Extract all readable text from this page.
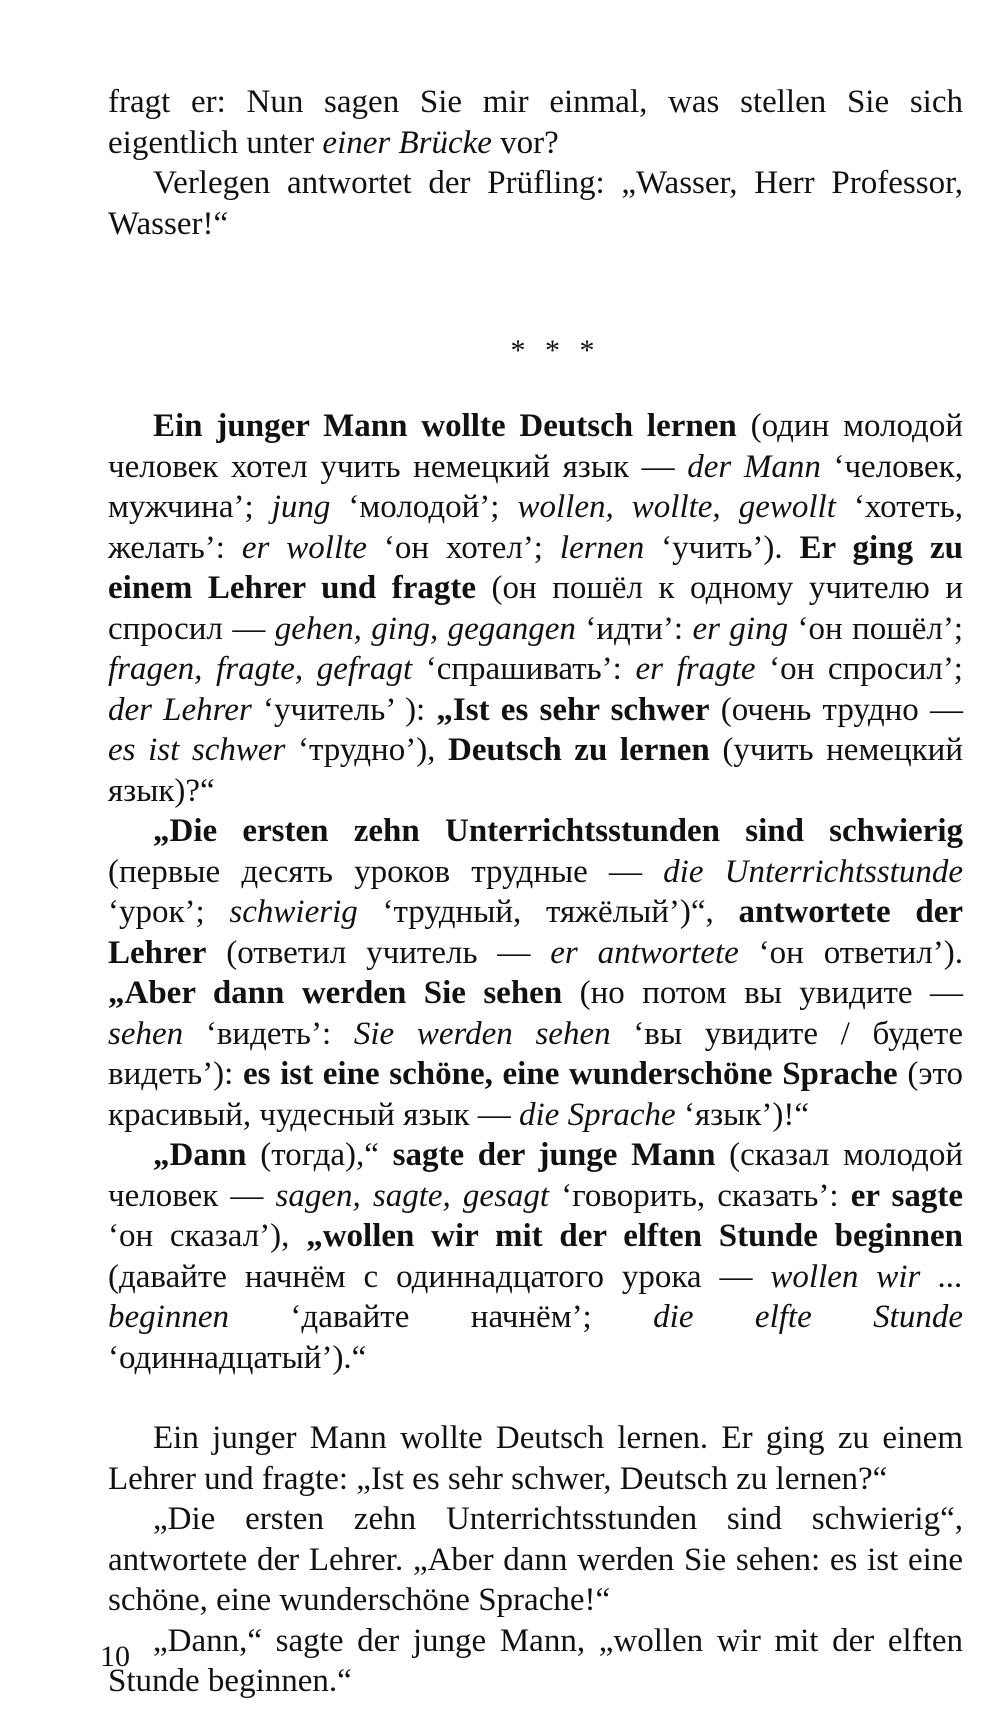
fragt er: Nun sagen Sie mir einmal, was stellen Sie sich eigentlich unter einer Brücke vor?

Verlegen antwortet der Prüfling: „Wasser, Herr Professor, Wasser!“

* * *

Ein junger Mann wollte Deutsch lernen (один молодой человек хотел учить немецкий язык — der Mann ‘человек, мужчина’; jung ‘молодой’; wollen, wollte, gewollt ‘хотеть, желать’: er wollte ‘он хотел’; lernen ‘учить’). Er ging zu einem Lehrer und fragte (он пошёл к одному учителю и спросил — gehen, ging, gegangen ‘идти’: er ging ‘он пошёл’; fragen, fragte, gefragt ‘спрашивать’: er fragte ‘он спросил’; der Lehrer ‘учитель’ ): „Ist es sehr schwer (очень трудно — es ist schwer ‘трудно’), Deutsch zu lernen (учить немецкий язык)?“

„Die ersten zehn Unterrichtsstunden sind schwierig (первые десять уроков трудные — die Unterrichtsstunde ‘урок’; schwierig ‘трудный, тяжёлый’)“, antwortete der Lehrer (ответил учитель — er antwortete ‘он ответил’). „Aber dann werden Sie sehen (но потом вы увидите — sehen ‘видеть’: Sie werden sehen ‘вы увидите / будете видеть’): es ist eine schöne, eine wunderschöne Sprache (это красивый, чудесный язык — die Sprache ‘язык’)!“

„Dann (тогда),“ sagte der junge Mann (сказал молодой человек — sagen, sagte, gesagt ‘говорить, сказать’: er sagte ‘он сказал’), „wollen wir mit der elften Stunde beginnen (давайте начнём с одиннадцатого урока — wollen wir ... beginnen ‘давайте начнём’; die elfte Stunde ‘одиннадцатый’).“

Ein junger Mann wollte Deutsch lernen. Er ging zu einem Lehrer und fragte: „Ist es sehr schwer, Deutsch zu lernen?“

„Die ersten zehn Unterrichtsstunden sind schwierig“, antwortete der Lehrer. „Aber dann werden Sie sehen: es ist eine schöne, eine wunderschöne Sprache!“

„Dann,“ sagte der junge Mann, „wollen wir mit der elften Stunde beginnen.“

10
